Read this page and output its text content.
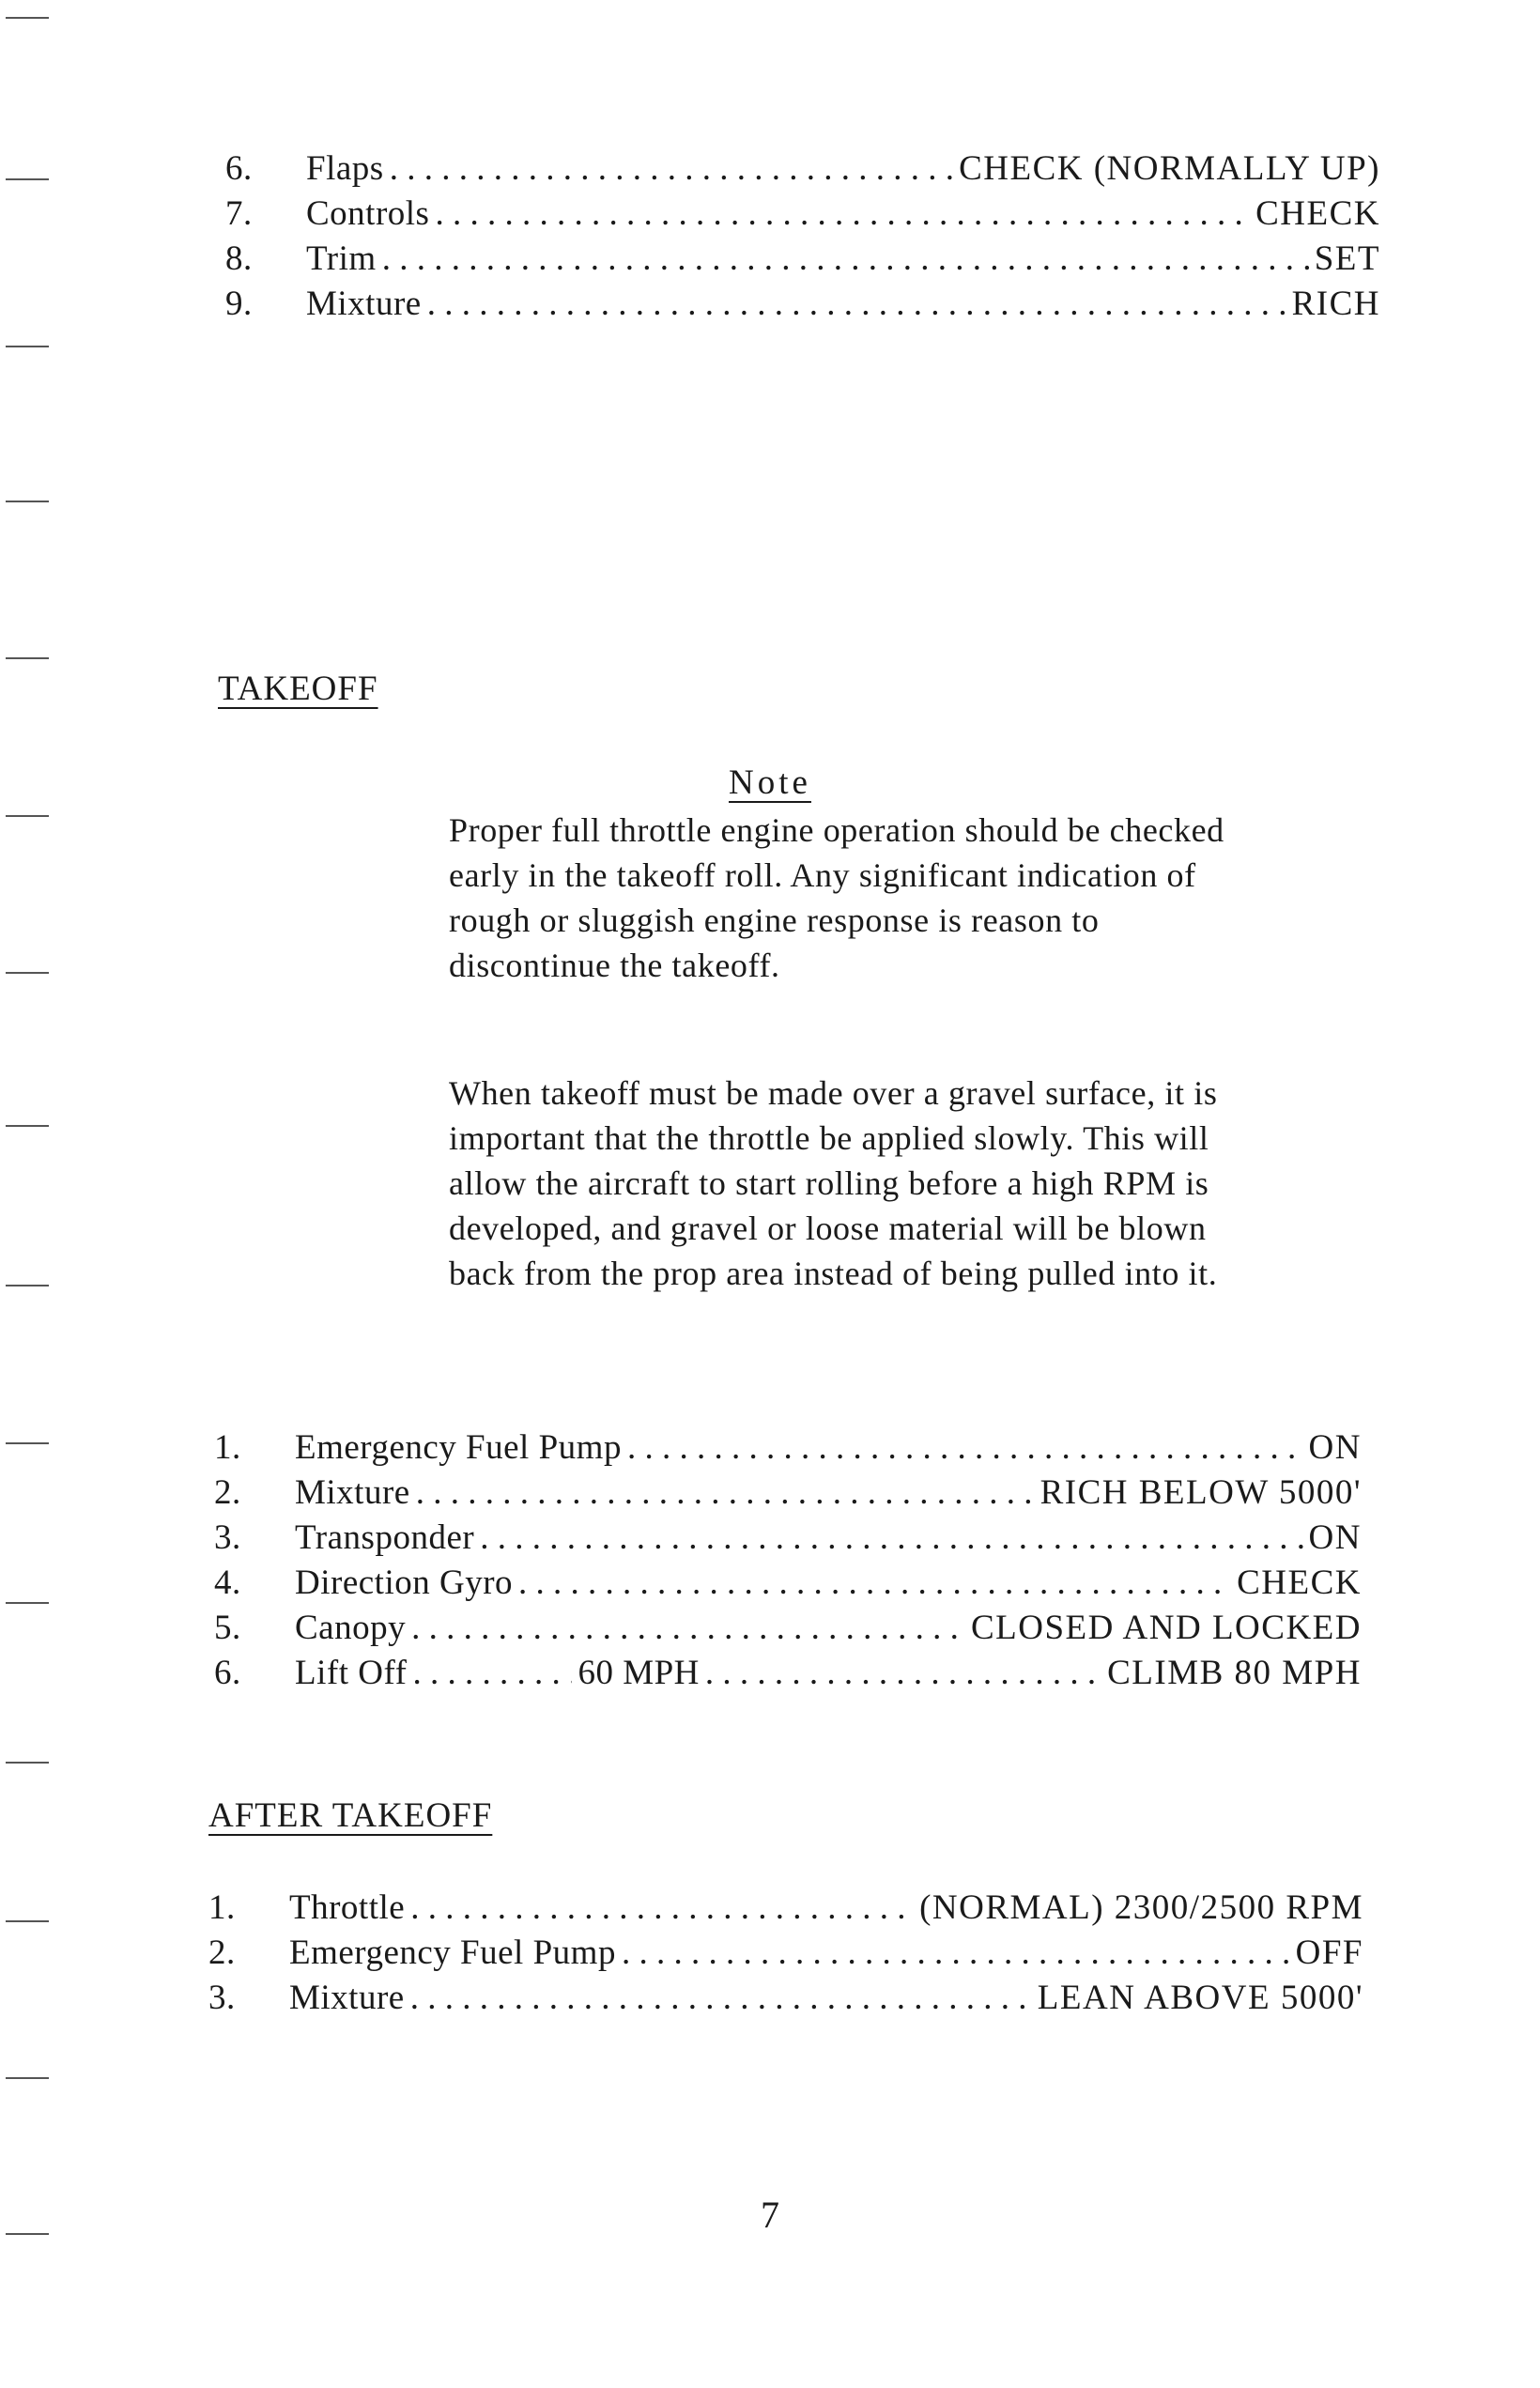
6.	Flaps . . .	CHECK (NORMALLY UP)
7.	Controls . . .	CHECK
8.	Trim . . .	SET
9.	Mixture . . .	RICH
TAKEOFF
Note
Proper full throttle engine operation should be checked early in the takeoff roll. Any significant indication of rough or sluggish engine response is reason to discontinue the takeoff.
When takeoff must be made over a gravel surface, it is important that the throttle be applied slowly. This will allow the aircraft to start rolling before a high RPM is developed, and gravel or loose material will be blown back from the prop area instead of being pulled into it.
1.	Emergency Fuel Pump . . .	ON
2.	Mixture . . .	RICH BELOW 5000'
3.	Transponder . . .	ON
4.	Direction Gyro . . .	CHECK
5.	Canopy . . .	CLOSED AND LOCKED
6.	Lift Off . . .	60 MPH . . .	CLIMB 80 MPH
AFTER TAKEOFF
1.	Throttle . . .	(NORMAL) 2300/2500 RPM
2.	Emergency Fuel Pump . . .	OFF
3.	Mixture . . .	LEAN ABOVE 5000'
7
